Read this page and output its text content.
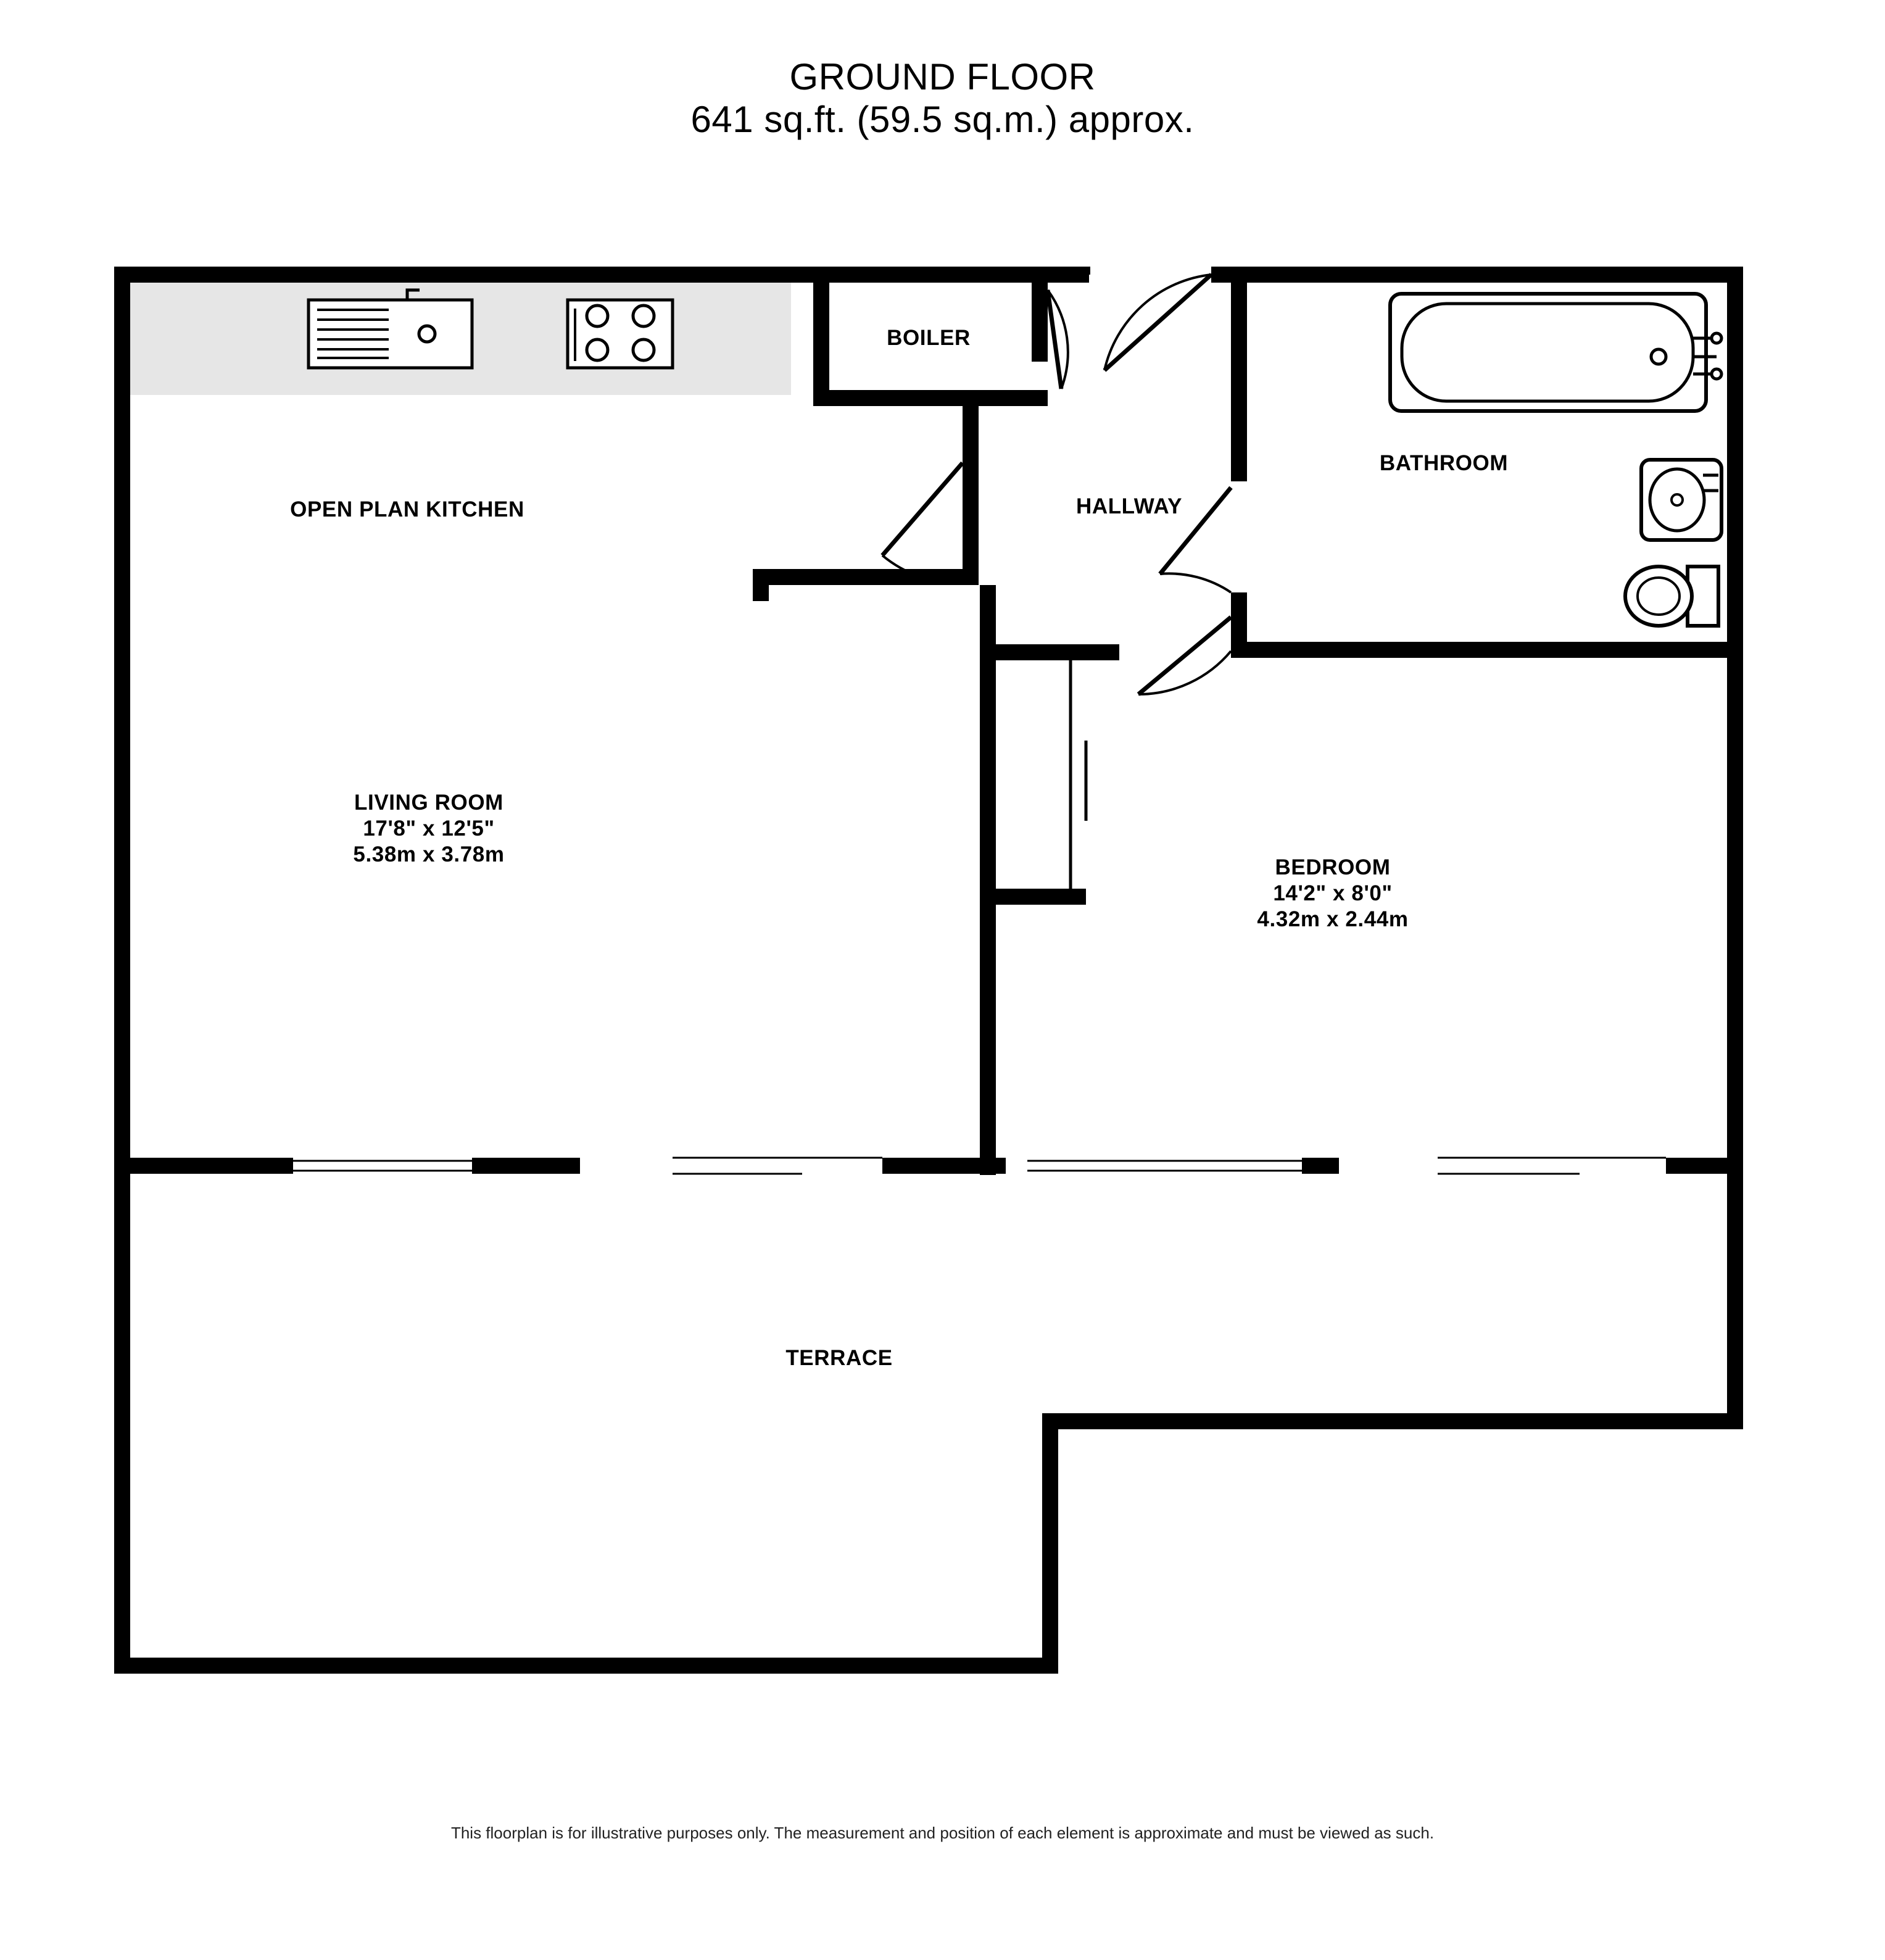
GROUND FLOOR
641 sq.ft. (59.5 sq.m.) approx.
OPEN PLAN KITCHEN
LIVING ROOM
17'8" x 12'5"
5.38m x 3.78m
BOILER
HALLWAY
BATHROOM
BEDROOM
14'2" x 8'0"
4.32m x 2.44m
TERRACE
This floorplan is for illustrative purposes only. The measurement and position of each element is approximate and must be viewed as such.
